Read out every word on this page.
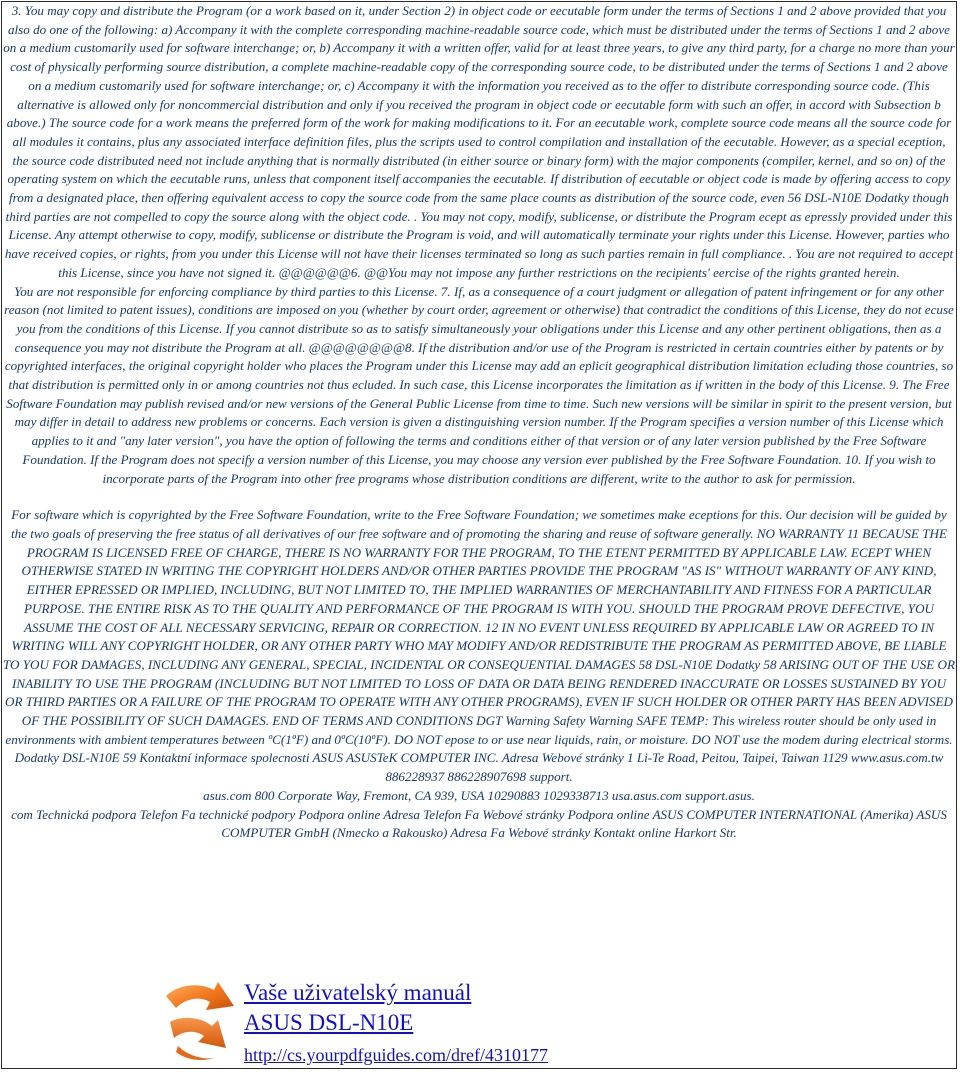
3. You may copy and distribute the Program (or a work based on it, under Section 2) in object code or eecutable form under the terms of Sections 1 and 2 above provided that you also do one of the following: a) Accompany it with the complete corresponding machine-readable source code, which must be distributed under the terms of Sections 1 and 2 above on a medium customarily used for software interchange; or, b) Accompany it with a written offer, valid for at least three years, to give any third party, for a charge no more than your cost of physically performing source distribution, a complete machine-readable copy of the corresponding source code, to be distributed under the terms of Sections 1 and 2 above on a medium customarily used for software interchange; or, c) Accompany it with the information you received as to the offer to distribute corresponding source code. (This alternative is allowed only for noncommercial distribution and only if you received the program in object code or eecutable form with such an offer, in accord with Subsection b above.) The source code for a work means the preferred form of the work for making modifications to it. For an eecutable work, complete source code means all the source code for all modules it contains, plus any associated interface definition files, plus the scripts used to control compilation and installation of the eecutable. However, as a special eception, the source code distributed need not include anything that is normally distributed (in either source or binary form) with the major components (compiler, kernel, and so on) of the operating system on which the eecutable runs, unless that component itself accompanies the eecutable. If distribution of eecutable or object code is made by offering access to copy from a designated place, then offering equivalent access to copy the source code from the same place counts as distribution of the source code, even 56 DSL-N10E Dodatky though third parties are not compelled to copy the source along with the object code. . You may not copy, modify, sublicense, or distribute the Program ecept as epressly provided under this License. Any attempt otherwise to copy, modify, sublicense or distribute the Program is void, and will automatically terminate your rights under this License. However, parties who have received copies, or rights, from you under this License will not have their licenses terminated so long as such parties remain in full compliance. . You are not required to accept this License, since you have not signed it. @@@@@@6. @@You may not impose any further restrictions on the recipients' eercise of the rights granted herein.

You are not responsible for enforcing compliance by third parties to this License. 7. If, as a consequence of a court judgment or allegation of patent infringement or for any other reason (not limited to patent issues), conditions are imposed on you (whether by court order, agreement or otherwise) that contradict the conditions of this License, they do not ecuse you from the conditions of this License. If you cannot distribute so as to satisfy simultaneously your obligations under this License and any other pertinent obligations, then as a consequence you may not distribute the Program at all. @@@@@@@@8. If the distribution and/or use of the Program is restricted in certain countries either by patents or by copyrighted interfaces, the original copyright holder who places the Program under this License may add an eplicit geographical distribution limitation ecluding those countries, so that distribution is permitted only in or among countries not thus ecluded. In such case, this License incorporates the limitation as if written in the body of this License. 9. The Free Software Foundation may publish revised and/or new versions of the General Public License from time to time. Such new versions will be similar in spirit to the present version, but may differ in detail to address new problems or concerns. Each version is given a distinguishing version number. If the Program specifies a version number of this License which applies to it and "any later version", you have the option of following the terms and conditions either of that version or of any later version published by the Free Software Foundation. If the Program does not specify a version number of this License, you may choose any version ever published by the Free Software Foundation. 10. If you wish to incorporate parts of the Program into other free programs whose distribution conditions are different, write to the author to ask for permission.

For software which is copyrighted by the Free Software Foundation, write to the Free Software Foundation; we sometimes make eceptions for this. Our decision will be guided by the two goals of preserving the free status of all derivatives of our free software and of promoting the sharing and reuse of software generally. NO WARRANTY 11 BECAUSE THE PROGRAM IS LICENSED FREE OF CHARGE, THERE IS NO WARRANTY FOR THE PROGRAM, TO THE ETENT PERMITTED BY APPLICABLE LAW. ECEPT WHEN OTHERWISE STATED IN WRITING THE COPYRIGHT HOLDERS AND/OR OTHER PARTIES PROVIDE THE PROGRAM "AS IS" WITHOUT WARRANTY OF ANY KIND, EITHER EPRESSED OR IMPLIED, INCLUDING, BUT NOT LIMITED TO, THE IMPLIED WARRANTIES OF MERCHANTABILITY AND FITNESS FOR A PARTICULAR PURPOSE. THE ENTIRE RISK AS TO THE QUALITY AND PERFORMANCE OF THE PROGRAM IS WITH YOU. SHOULD THE PROGRAM PROVE DEFECTIVE, YOU ASSUME THE COST OF ALL NECESSARY SERVICING, REPAIR OR CORRECTION. 12 IN NO EVENT UNLESS REQUIRED BY APPLICABLE LAW OR AGREED TO IN WRITING WILL ANY COPYRIGHT HOLDER, OR ANY OTHER PARTY WHO MAY MODIFY AND/OR REDISTRIBUTE THE PROGRAM AS PERMITTED ABOVE, BE LIABLE TO YOU FOR DAMAGES, INCLUDING ANY GENERAL, SPECIAL, INCIDENTAL OR CONSEQUENTIAL DAMAGES 58 DSL-N10E Dodatky 58 ARISING OUT OF THE USE OR INABILITY TO USE THE PROGRAM (INCLUDING BUT NOT LIMITED TO LOSS OF DATA OR DATA BEING RENDERED INACCURATE OR LOSSES SUSTAINED BY YOU OR THIRD PARTIES OR A FAILURE OF THE PROGRAM TO OPERATE WITH ANY OTHER PROGRAMS), EVEN IF SUCH HOLDER OR OTHER PARTY HAS BEEN ADVISED OF THE POSSIBILITY OF SUCH DAMAGES. END OF TERMS AND CONDITIONS DGT Warning Safety Warning SAFE TEMP: This wireless router should be only used in environments with ambient temperatures between ºC(1ºF) and 0ºC(10ºF). DO NOT epose to or use near liquids, rain, or moisture. DO NOT use the modem during electrical storms. Dodatky DSL-N10E 59 Kontaktní informace spolecnosti ASUS ASUSTeK COMPUTER INC. Adresa Webové stránky 1 Li-Te Road, Peitou, Taipei, Taiwan 1129 www.asus.com.tw 886228937 886228907698 support.

asus.com 800 Corporate Way, Fremont, CA 939, USA 10290883 1029338713 usa.asus.com support.asus.

com Technická podpora Telefon Fa technické podpory Podpora online Adresa Telefon Fa Webové stránky Podpora online ASUS COMPUTER INTERNATIONAL (Amerika) ASUS COMPUTER GmbH (Nmecko a Rakousko) Adresa Fa Webové stránky Kontakt online Harkort Str.

Vaše uživatelský manuál
ASUS DSL-N10E
http://cs.yourpdfguides.com/dref/4310177
